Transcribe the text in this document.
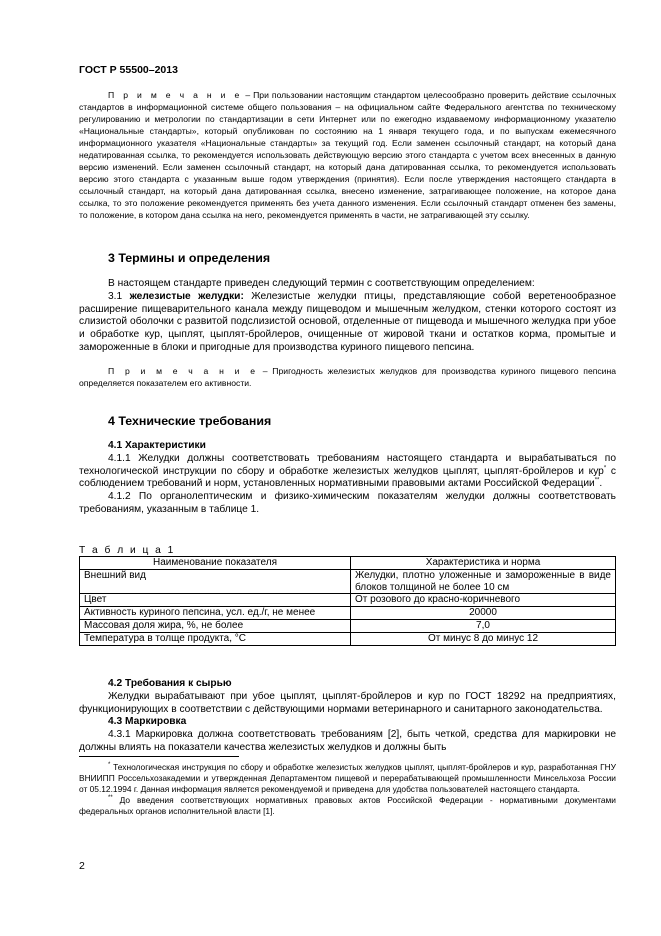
ГОСТ Р 55500–2013

П р и м е ч а н и е – При пользовании настоящим стандартом целесообразно проверить действие ссылочных стандартов в информационной системе общего пользования – на официальном сайте Федерального агентства по техническому регулированию и метрологии по стандартизации в сети Интернет или по ежегодно издаваемому информационному указателю «Национальные стандарты», который опубликован по состоянию на 1 января текущего года, и по выпускам ежемесячного информационного указателя «Национальные стандарты» за текущий год. Если заменен ссылочный стандарт, на который дана недатированная ссылка, то рекомендуется использовать действующую версию этого стандарта с учетом всех внесенных в данную версию изменений. Если заменен ссылочный стандарт, на который дана датированная ссылка, то рекомендуется использовать версию этого стандарта с указанным выше годом утверждения (принятия). Если после утверждения настоящего стандарта в ссылочный стандарт, на который дана датированная ссылка, внесено изменение, затрагивающее положение, на которое дана ссылка, то это положение рекомендуется применять без учета данного изменения. Если ссылочный стандарт отменен без замены, то положение, в котором дана ссылка на него, рекомендуется применять в части, не затрагивающей эту ссылку.

3 Термины и определения

В настоящем стандарте приведен следующий термин с соответствующим определением:

3.1 железистые желудки: Железистые желудки птицы, представляющие собой веретенообразное расширение пищеварительного канала между пищеводом и мышечным желудком, стенки которого состоят из слизистой оболочки с развитой подслизистой основой, отделенные от пищевода и мышечного желудка при убое и обработке кур, цыплят, цыплят-бройлеров, очищенные от жировой ткани и остатков корма, промытые и замороженные в блоки и пригодные для производства куриного пищевого пепсина.

П р и м е ч а н и е – Пригодность железистых желудков для производства куриного пищевого пепсина определяется показателем его активности.

4 Технические требования
4.1 Характеристики

4.1.1 Желудки должны соответствовать требованиям настоящего стандарта и вырабатываться по технологической инструкции по сбору и обработке железистых желудков цыплят, цыплят-бройлеров и кур* с соблюдением требований и норм, установленных нормативными правовыми актами Российской Федерации**.

4.1.2 По органолептическим и физико-химическим показателям желудки должны соответствовать требованиям, указанным в таблице 1.

Т а б л и ц а 1
Наименование показателя	Характеристика и норма
Внешний вид	Желудки, плотно уложенные и замороженные в виде блоков толщиной не более 10 см
Цвет	От розового до красно-коричневого
Активность куриного пепсина, усл. ед./г, не менее	20000
Массовая доля жира, %, не более	7,0
Температура в толще продукта, °С	От минус 8 до минус 12
4.2 Требования к сырью

Желудки вырабатывают при убое цыплят, цыплят-бройлеров и кур по ГОСТ 18292 на предприятиях, функционирующих в соответствии с действующими нормами ветеринарного и санитарного законодательства.

4.3 Маркировка

4.3.1 Маркировка должна соответствовать требованиям [2], быть четкой, средства для маркировки не должны влиять на показатели качества железистых желудков и должны быть

* Технологическая инструкция по сбору и обработке железистых желудков цыплят, цыплят-бройлеров и кур, разработанная ГНУ ВНИИПП Россельхозакадемии и утвержденная Департаментом пищевой и перерабатывающей промышленности Минсельхоза России от 05.12.1994 г. Данная информация является рекомендуемой и приведена для удобства пользователей настоящего стандарта.

** До введения соответствующих нормативных правовых актов Российской Федерации - нормативными документами федеральных органов исполнительной власти [1].

2
